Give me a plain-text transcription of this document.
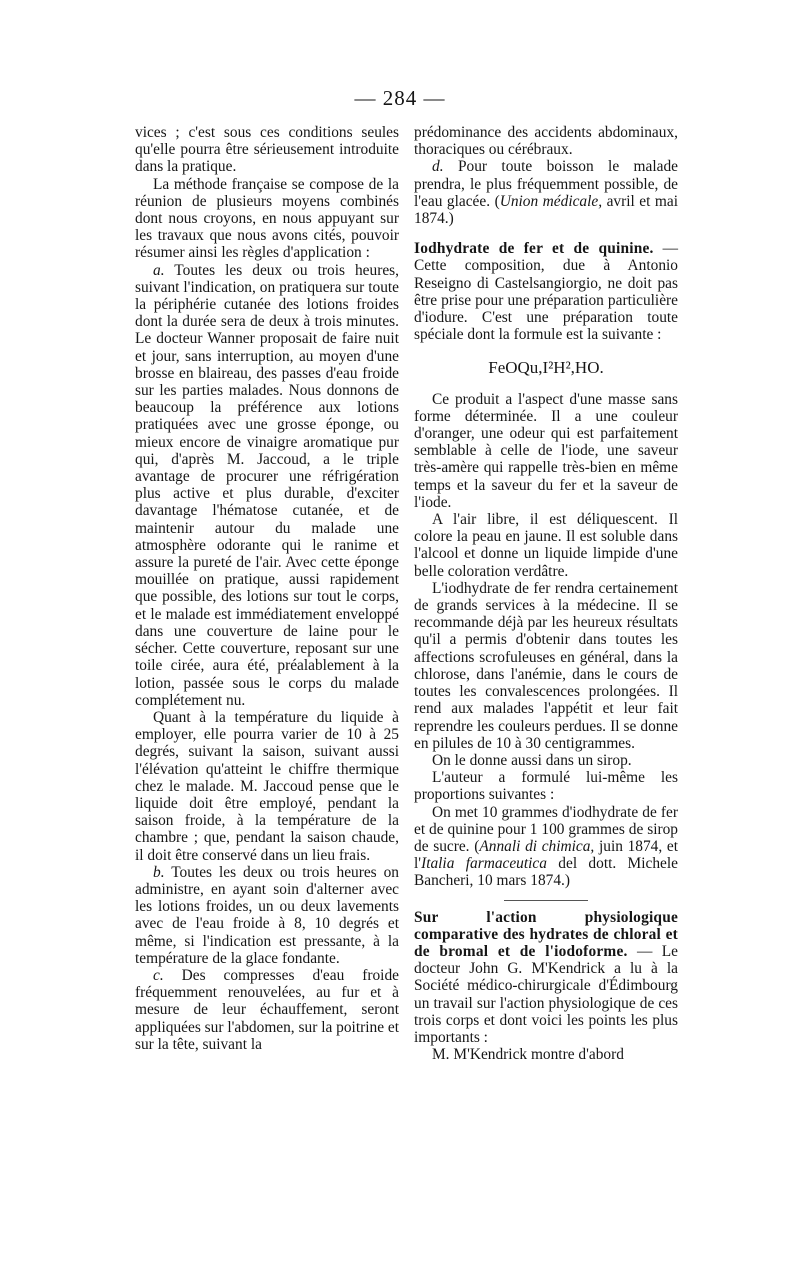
— 284 —

vices ; c'est sous ces conditions seules qu'elle pourra être sérieusement introduite dans la pratique.

La méthode française se compose de la réunion de plusieurs moyens combinés dont nous croyons, en nous appuyant sur les travaux que nous avons cités, pouvoir résumer ainsi les règles d'application :

a. Toutes les deux ou trois heures, suivant l'indication, on pratiquera sur toute la périphérie cutanée des lotions froides dont la durée sera de deux à trois minutes. Le docteur Wanner proposait de faire nuit et jour, sans interruption, au moyen d'une brosse en blaireau, des passes d'eau froide sur les parties malades. Nous donnons de beaucoup la préférence aux lotions pratiquées avec une grosse éponge, ou mieux encore de vinaigre aromatique pur qui, d'après M. Jaccoud, a le triple avantage de procurer une réfrigération plus active et plus durable, d'exciter davantage l'hématose cutanée, et de maintenir autour du malade une atmosphère odorante qui le ranime et assure la pureté de l'air. Avec cette éponge mouillée on pratique, aussi rapidement que possible, des lotions sur tout le corps, et le malade est immédiatement enveloppé dans une couverture de laine pour le sécher. Cette couverture, reposant sur une toile cirée, aura été, préalablement à la lotion, passée sous le corps du malade complétement nu.

Quant à la température du liquide à employer, elle pourra varier de 10 à 25 degrés, suivant la saison, suivant aussi l'élévation qu'atteint le chiffre thermique chez le malade. M. Jaccoud pense que le liquide doit être employé, pendant la saison froide, à la température de la chambre ; que, pendant la saison chaude, il doit être conservé dans un lieu frais.

b. Toutes les deux ou trois heures on administre, en ayant soin d'alterner avec les lotions froides, un ou deux lavements avec de l'eau froide à 8, 10 degrés et même, si l'indication est pressante, à la température de la glace fondante.

c. Des compresses d'eau froide fréquemment renouvelées, au fur et à mesure de leur échauffement, seront appliquées sur l'abdomen, sur la poitrine et sur la tête, suivant la

prédominance des accidents abdominaux, thoraciques ou cérébraux.

d. Pour toute boisson le malade prendra, le plus fréquemment possible, de l'eau glacée. (Union médicale, avril et mai 1874.)

Iodhydrate de fer et de quinine. — Cette composition, due à Antonio Reseigno di Castelsangiorgio, ne doit pas être prise pour une préparation particulière d'iodure. C'est une préparation toute spéciale dont la formule est la suivante :

FeOQu,I²H²,HO.

Ce produit a l'aspect d'une masse sans forme déterminée. Il a une couleur d'oranger, une odeur qui est parfaitement semblable à celle de l'iode, une saveur très-amère qui rappelle très-bien en même temps et la saveur du fer et la saveur de l'iode.

A l'air libre, il est déliquescent. Il colore la peau en jaune. Il est soluble dans l'alcool et donne un liquide limpide d'une belle coloration verdâtre.

L'iodhydrate de fer rendra certainement de grands services à la médecine. Il se recommande déjà par les heureux résultats qu'il a permis d'obtenir dans toutes les affections scrofuleuses en général, dans la chlorose, dans l'anémie, dans le cours de toutes les convalescences prolongées. Il rend aux malades l'appétit et leur fait reprendre les couleurs perdues. Il se donne en pilules de 10 à 30 centigrammes.

On le donne aussi dans un sirop.

L'auteur a formulé lui-même les proportions suivantes :

On met 10 grammes d'iodhydrate de fer et de quinine pour 1 100 grammes de sirop de sucre. (Annali di chimica, juin 1874, et l'Italia farmaceutica del dott. Michele Bancheri, 10 mars 1874.)

Sur l'action physiologique comparative des hydrates de chloral et de bromal et de l'iodoforme. — Le docteur John G. M'Kendrick a lu à la Société médico-chirurgicale d'Édimbourg un travail sur l'action physiologique de ces trois corps et dont voici les points les plus importants :

M. M'Kendrick montre d'abord
